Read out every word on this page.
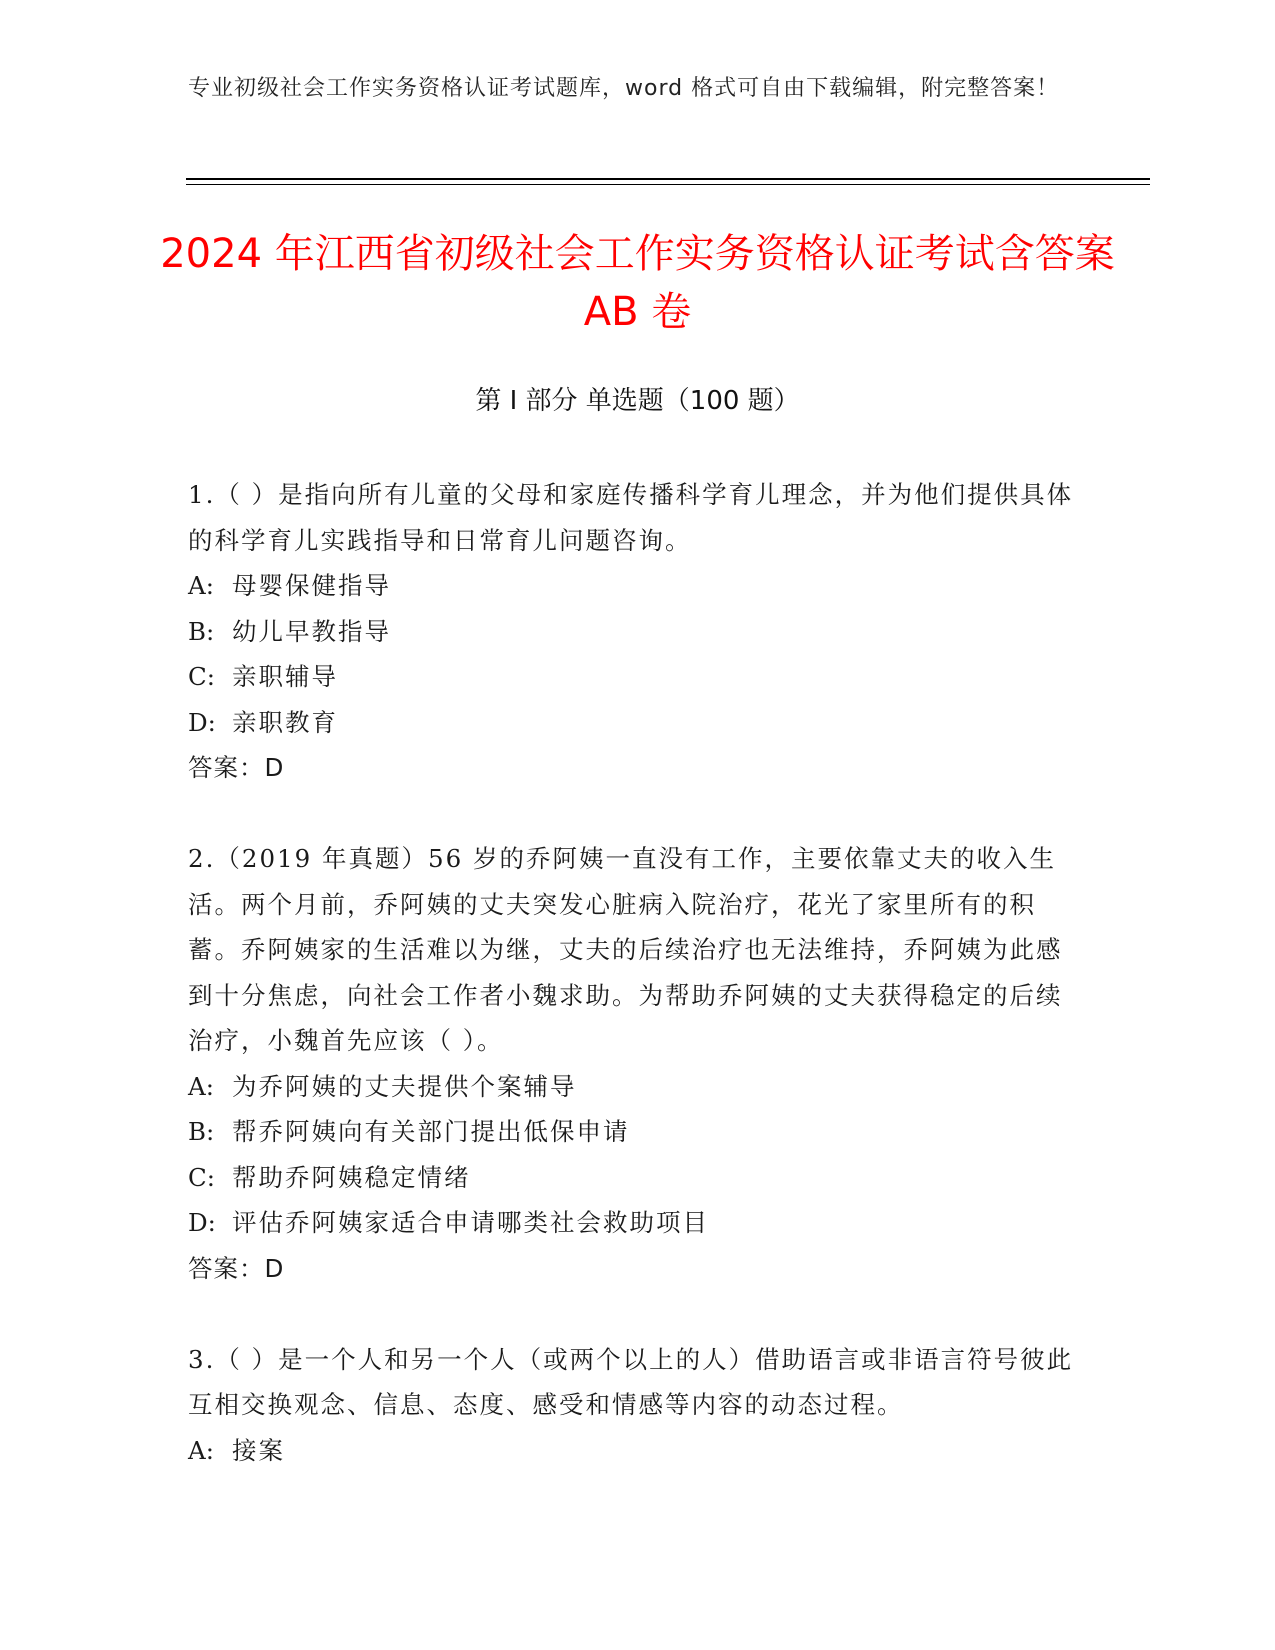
专业初级社会工作实务资格认证考试题库，word 格式可自由下载编辑，附完整答案！
2024 年江西省初级社会工作实务资格认证考试含答案 AB 卷
第 I 部分 单选题（100 题）
1.（ ）是指向所有儿童的父母和家庭传播科学育儿理念，并为他们提供具体的科学育儿实践指导和日常育儿问题咨询。
A: 母婴保健指导
B: 幼儿早教指导
C: 亲职辅导
D: 亲职教育
答案：D
2.（2019 年真题）56 岁的乔阿姨一直没有工作，主要依靠丈夫的收入生活。两个月前，乔阿姨的丈夫突发心脏病入院治疗，花光了家里所有的积蓄。乔阿姨家的生活难以为继，丈夫的后续治疗也无法维持，乔阿姨为此感到十分焦虑，向社会工作者小魏求助。为帮助乔阿姨的丈夫获得稳定的后续治疗，小魏首先应该（ ）。
A: 为乔阿姨的丈夫提供个案辅导
B: 帮乔阿姨向有关部门提出低保申请
C: 帮助乔阿姨稳定情绪
D: 评估乔阿姨家适合申请哪类社会救助项目
答案：D
3.（ ）是一个人和另一个人（或两个以上的人）借助语言或非语言符号彼此互相交换观念、信息、态度、感受和情感等内容的动态过程。
A: 接案
